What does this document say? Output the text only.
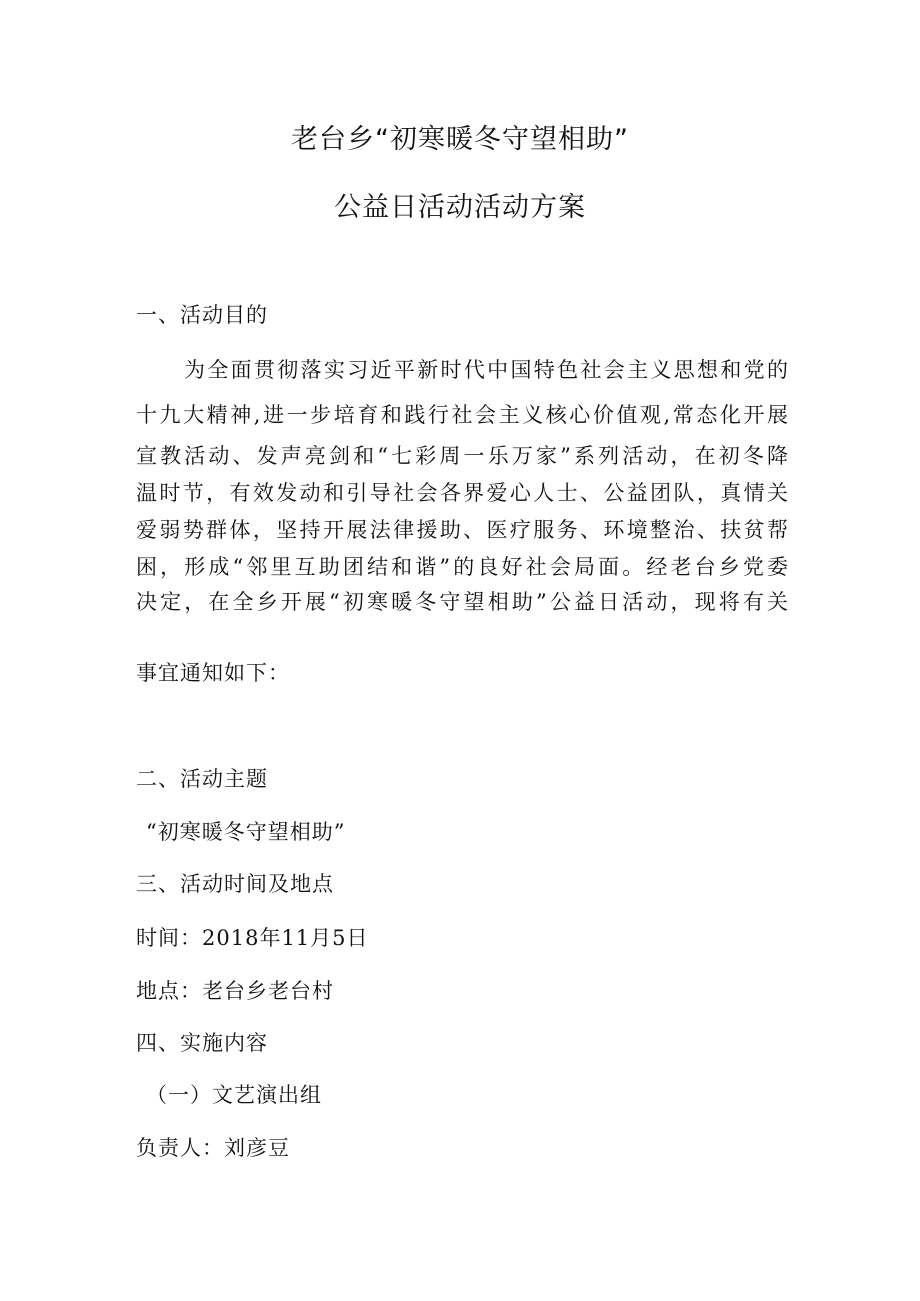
老台乡“初寒暖冬守望相助”
公益日活动活动方案
一、活动目的
为全面贯彻落实习近平新时代中国特色社会主义思想和党的
十九大精神,进一步培育和践行社会主义核心价值观,常态化开展
宣教活动、发声亮剑和“七彩周一乐万家”系列活动，在初冬降
温时节，有效发动和引导社会各界爱心人士、公益团队，真情关
爱弱势群体，坚持开展法律援助、医疗服务、环境整治、扶贫帮
困，形成“邻里互助团结和谐”的良好社会局面。经老台乡党委
决定，在全乡开展“初寒暖冬守望相助”公益日活动，现将有关
事宜通知如下：
二、活动主题
“初寒暖冬守望相助”
三、活动时间及地点
时间：2018年11月5日
地点：老台乡老台村
四、实施内容
（一）文艺演出组
负责人：刘彦豆
